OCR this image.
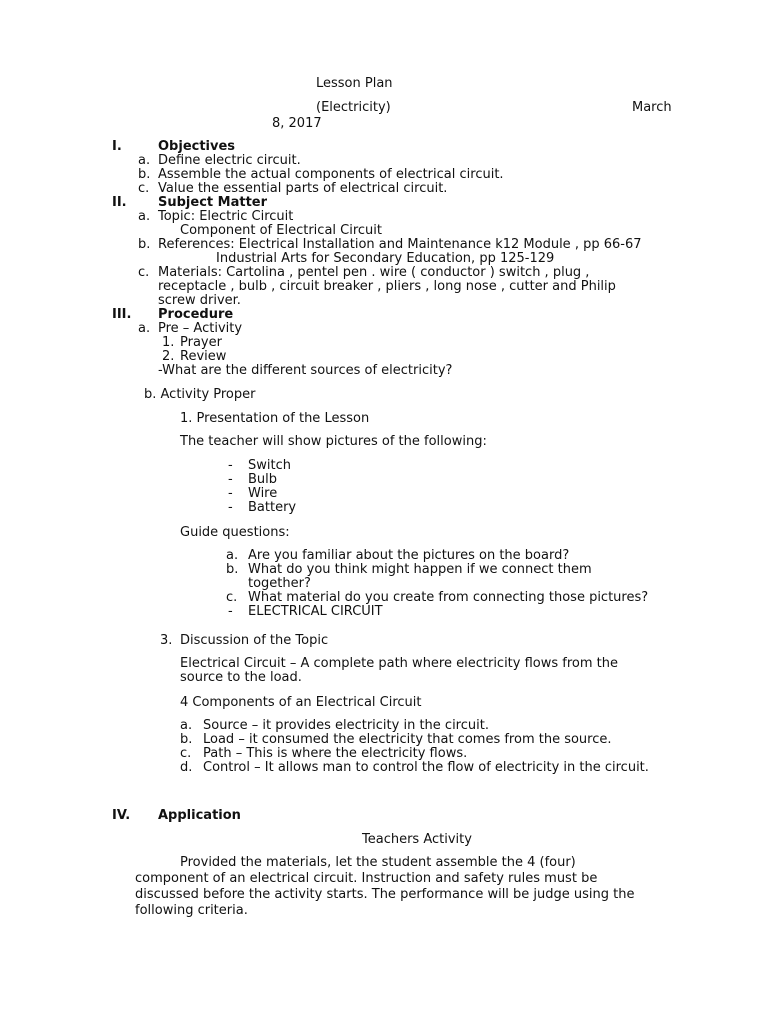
Lesson Plan
(Electricity)	March
8, 2017
I.	Objectives
a. Define electric circuit.
b. Assemble the actual components of electrical circuit.
c. Value the essential parts of electrical circuit.
II. Subject Matter
a. Topic: Electric Circuit
Component of Electrical Circuit
b. References: Electrical Installation and Maintenance k12 Module , pp 66-67
Industrial Arts for Secondary Education, pp 125-129
c. Materials: Cartolina , pentel pen . wire ( conductor ) switch , plug ,
receptacle , bulb , circuit breaker , pliers , long nose , cutter and Philip
screw driver.
III. Procedure
a. Pre – Activity
1. Prayer
2. Review
-What are the different sources of electricity?
b. Activity Proper
1. Presentation of the Lesson
The teacher will show pictures of the following:
- Switch
- Bulb
- Wire
- Battery
Guide questions:
a. Are you familiar about the pictures on the board?
b. What do you think might happen if we connect them
together?
c. What material do you create from connecting those pictures?
- ELECTRICAL CIRCUIT
3. Discussion of the Topic
Electrical Circuit – A complete path where electricity flows from the
source to the load.
4 Components of an Electrical Circuit
a. Source – it provides electricity in the circuit.
b. Load – it consumed the electricity that comes from the source.
c. Path – This is where the electricity flows.
d. Control – It allows man to control the flow of electricity in the circuit.
IV. Application
Teachers Activity
Provided the materials, let the student assemble the 4 (four)
component of an electrical circuit. Instruction and safety rules must be
discussed before the activity starts. The performance will be judge using the
following criteria.
